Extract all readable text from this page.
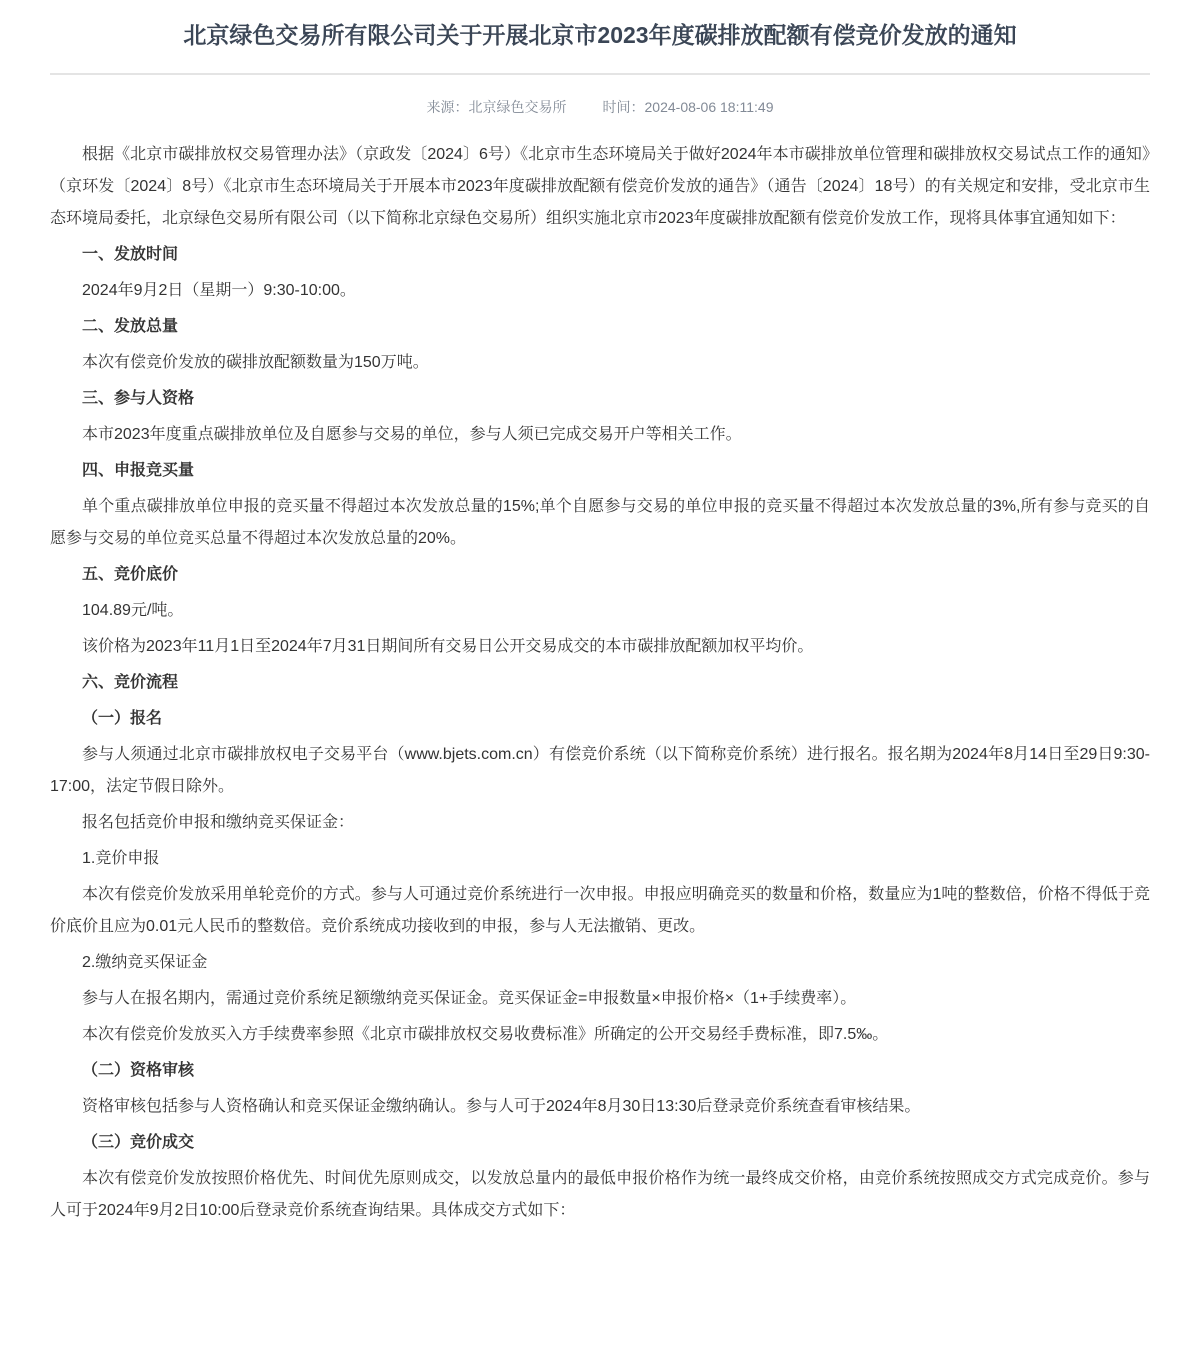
北京绿色交易所有限公司关于开展北京市2023年度碳排放配额有偿竞价发放的通知
来源：北京绿色交易所	时间：2024-08-06 18:11:49

根据《北京市碳排放权交易管理办法》（京政发〔2024〕6号）《北京市生态环境局关于做好2024年本市碳排放单位管理和碳排放权交易试点工作的通知》（京环发〔2024〕8号）《北京市生态环境局关于开展本市2023年度碳排放配额有偿竞价发放的通告》（通告〔2024〕18号）的有关规定和安排，受北京市生态环境局委托，北京绿色交易所有限公司（以下简称北京绿色交易所）组织实施北京市2023年度碳排放配额有偿竞价发放工作，现将具体事宜通知如下：

一、发放时间

2024年9月2日（星期一）9:30-10:00。

二、发放总量

本次有偿竞价发放的碳排放配额数量为150万吨。

三、参与人资格

本市2023年度重点碳排放单位及自愿参与交易的单位，参与人须已完成交易开户等相关工作。

四、申报竞买量

单个重点碳排放单位申报的竞买量不得超过本次发放总量的15%;单个自愿参与交易的单位申报的竞买量不得超过本次发放总量的3%,所有参与竞买的自愿参与交易的单位竞买总量不得超过本次发放总量的20%。

五、竞价底价

104.89元/吨。

该价格为2023年11月1日至2024年7月31日期间所有交易日公开交易成交的本市碳排放配额加权平均价。

六、竞价流程

（一）报名

参与人须通过北京市碳排放权电子交易平台（www.bjets.com.cn）有偿竞价系统（以下简称竞价系统）进行报名。报名期为2024年8月14日至29日9:30-17:00，法定节假日除外。

报名包括竞价申报和缴纳竞买保证金：

1.竞价申报

本次有偿竞价发放采用单轮竞价的方式。参与人可通过竞价系统进行一次申报。申报应明确竞买的数量和价格，数量应为1吨的整数倍，价格不得低于竞价底价且应为0.01元人民币的整数倍。竞价系统成功接收到的申报，参与人无法撤销、更改。

2.缴纳竞买保证金

参与人在报名期内，需通过竞价系统足额缴纳竞买保证金。竞买保证金=申报数量×申报价格×（1+手续费率）。

本次有偿竞价发放买入方手续费率参照《北京市碳排放权交易收费标准》所确定的公开交易经手费标准，即7.5‰。

（二）资格审核

资格审核包括参与人资格确认和竞买保证金缴纳确认。参与人可于2024年8月30日13:30后登录竞价系统查看审核结果。

（三）竞价成交

本次有偿竞价发放按照价格优先、时间优先原则成交，以发放总量内的最低申报价格作为统一最终成交价格，由竞价系统按照成交方式完成竞价。参与人可于2024年9月2日10:00后登录竞价系统查询结果。具体成交方式如下：
